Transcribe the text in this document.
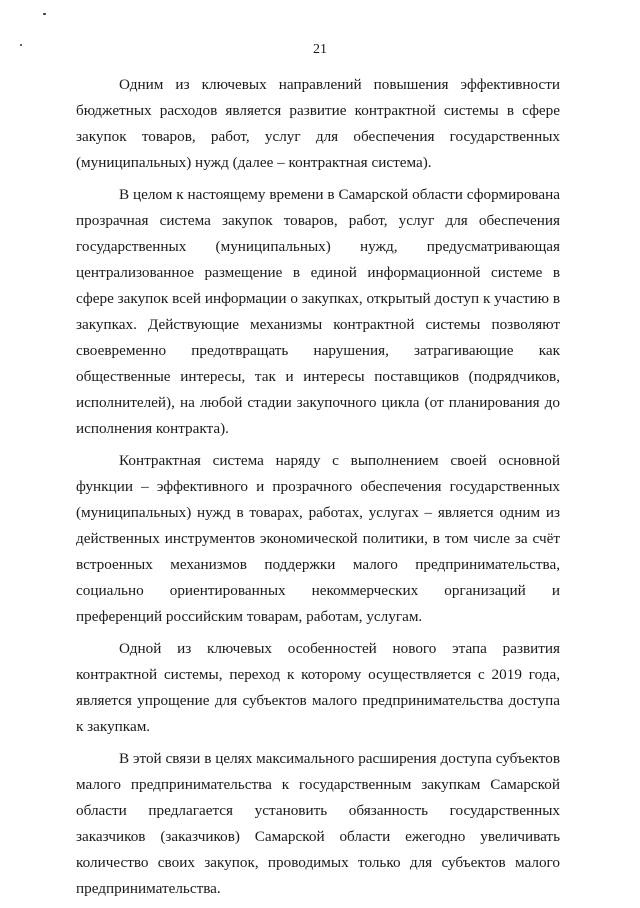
21

Одним из ключевых направлений повышения эффективности бюджетных расходов является развитие контрактной системы в сфере закупок товаров, работ, услуг для обеспечения государственных (муниципальных) нужд (далее – контрактная система).

В целом к настоящему времени в Самарской области сформирована прозрачная система закупок товаров, работ, услуг для обеспечения государственных (муниципальных) нужд, предусматривающая централизованное размещение в единой информационной системе в сфере закупок всей информации о закупках, открытый доступ к участию в закупках. Действующие механизмы контрактной системы позволяют своевременно предотвращать нарушения, затрагивающие как общественные интересы, так и интересы поставщиков (подрядчиков, исполнителей), на любой стадии закупочного цикла (от планирования до исполнения контракта).

Контрактная система наряду с выполнением своей основной функции – эффективного и прозрачного обеспечения государственных (муниципальных) нужд в товарах, работах, услугах – является одним из действенных инструментов экономической политики, в том числе за счёт встроенных механизмов поддержки малого предпринимательства, социально ориентированных некоммерческих организаций и преференций российским товарам, работам, услугам.

Одной из ключевых особенностей нового этапа развития контрактной системы, переход к которому осуществляется с 2019 года, является упрощение для субъектов малого предпринимательства доступа к закупкам.

В этой связи в целях максимального расширения доступа субъектов малого предпринимательства к государственным закупкам Самарской области предлагается установить обязанность государственных заказчиков (заказчиков) Самарской области ежегодно увеличивать количество своих закупок, проводимых только для субъектов малого предпринимательства.
